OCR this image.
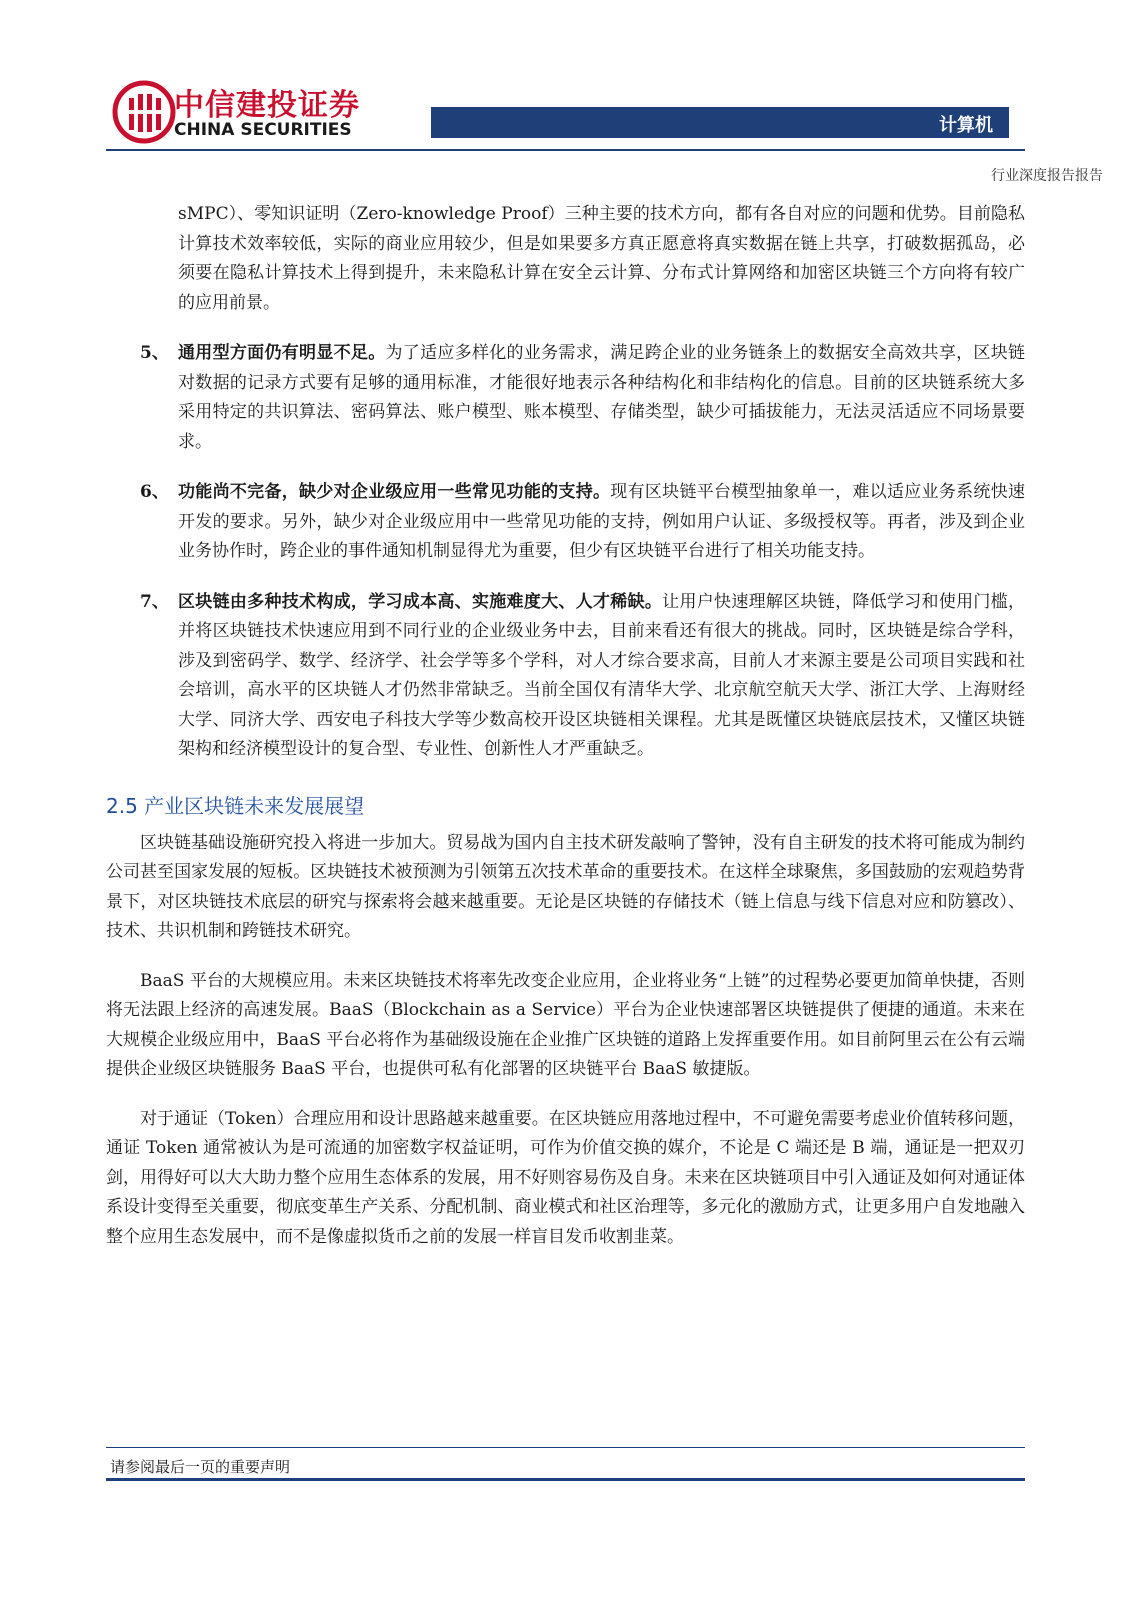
中信建投证券
CHINA SECURITIES	计算机
行业深度报告报告

sMPC）、零知识证明（Zero-knowledge Proof）三种主要的技术方向，都有各自对应的问题和优势。目前隐私计算技术效率较低，实际的商业应用较少，但是如果要多方真正愿意将真实数据在链上共享，打破数据孤岛，必须要在隐私计算技术上得到提升，未来隐私计算在安全云计算、分布式计算网络和加密区块链三个方向将有较广的应用前景。

5、 通用型方面仍有明显不足。为了适应多样化的业务需求，满足跨企业的业务链条上的数据安全高效共享，区块链对数据的记录方式要有足够的通用标准，才能很好地表示各种结构化和非结构化的信息。目前的区块链系统大多采用特定的共识算法、密码算法、账户模型、账本模型、存储类型，缺少可插拔能力，无法灵活适应不同场景要求。

6、 功能尚不完备，缺少对企业级应用一些常见功能的支持。现有区块链平台模型抽象单一，难以适应业务系统快速开发的要求。另外，缺少对企业级应用中一些常见功能的支持，例如用户认证、多级授权等。再者，涉及到企业业务协作时，跨企业的事件通知机制显得尤为重要，但少有区块链平台进行了相关功能支持。

7、 区块链由多种技术构成，学习成本高、实施难度大、人才稀缺。让用户快速理解区块链，降低学习和使用门槛，并将区块链技术快速应用到不同行业的企业级业务中去，目前来看还有很大的挑战。同时，区块链是综合学科，涉及到密码学、数学、经济学、社会学等多个学科，对人才综合要求高，目前人才来源主要是公司项目实践和社会培训，高水平的区块链人才仍然非常缺乏。当前全国仅有清华大学、北京航空航天大学、浙江大学、上海财经大学、同济大学、西安电子科技大学等少数高校开设区块链相关课程。尤其是既懂区块链底层技术，又懂区块链架构和经济模型设计的复合型、专业性、创新性人才严重缺乏。

2.5 产业区块链未来发展展望

区块链基础设施研究投入将进一步加大。贸易战为国内自主技术研发敲响了警钟，没有自主研发的技术将可能成为制约公司甚至国家发展的短板。区块链技术被预测为引领第五次技术革命的重要技术。在这样全球聚焦，多国鼓励的宏观趋势背景下，对区块链技术底层的研究与探索将会越来越重要。无论是区块链的存储技术（链上信息与线下信息对应和防篡改）、技术、共识机制和跨链技术研究。

BaaS 平台的大规模应用。未来区块链技术将率先改变企业应用，企业将业务“上链”的过程势必要更加简单快捷，否则将无法跟上经济的高速发展。BaaS（Blockchain as a Service）平台为企业快速部署区块链提供了便捷的通道。未来在大规模企业级应用中，BaaS 平台必将作为基础级设施在企业推广区块链的道路上发挥重要作用。如目前阿里云在公有云端提供企业级区块链服务 BaaS 平台，也提供可私有化部署的区块链平台 BaaS 敏捷版。

对于通证（Token）合理应用和设计思路越来越重要。在区块链应用落地过程中，不可避免需要考虑业价值转移问题，通证 Token 通常被认为是可流通的加密数字权益证明，可作为价值交换的媒介，不论是 C 端还是 B 端，通证是一把双刃剑，用得好可以大大助力整个应用生态体系的发展，用不好则容易伤及自身。未来在区块链项目中引入通证及如何对通证体系设计变得至关重要，彻底变革生产关系、分配机制、商业模式和社区治理等，多元化的激励方式，让更多用户自发地融入整个应用生态发展中，而不是像虚拟货币之前的发展一样盲目发币收割韭菜。

请参阅最后一页的重要声明
